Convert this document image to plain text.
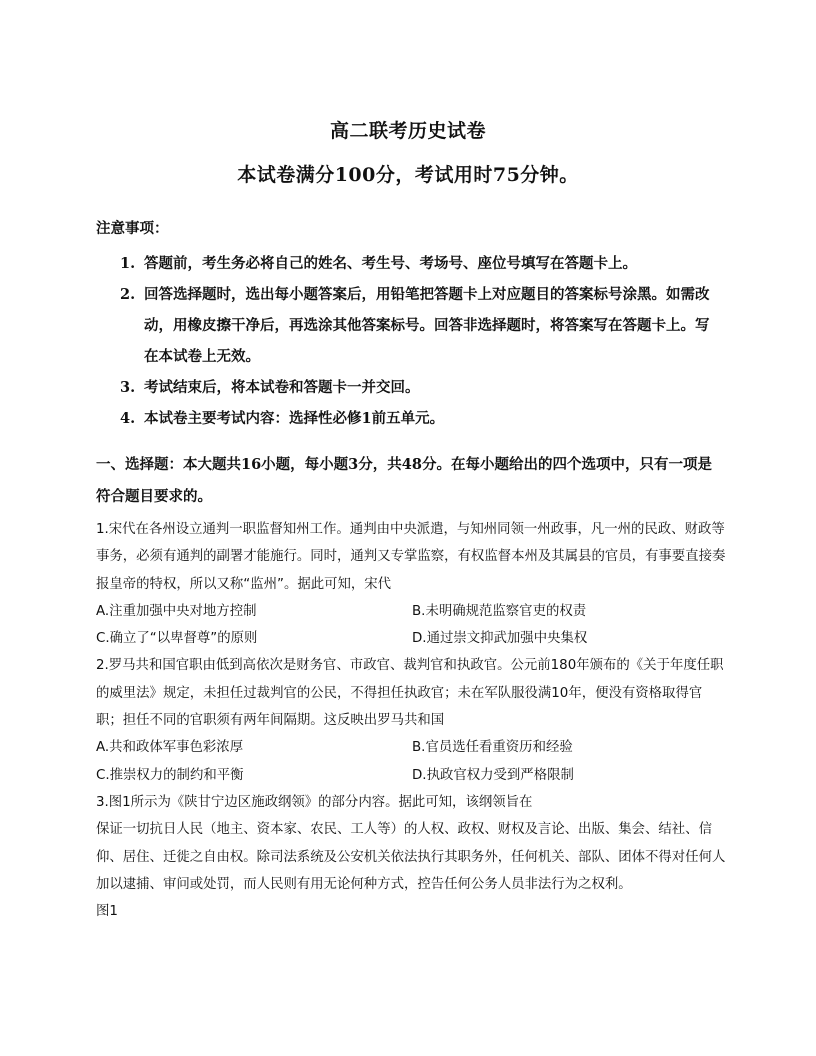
高二联考历史试卷
本试卷满分100分，考试用时75分钟。
注意事项：
1. 答题前，考生务必将自己的姓名、考生号、考场号、座位号填写在答题卡上。
2. 回答选择题时，选出每小题答案后，用铅笔把答题卡上对应题目的答案标号涂黑。如需改动，用橡皮擦干净后，再选涂其他答案标号。回答非选择题时，将答案写在答题卡上。写在本试卷上无效。
3. 考试结束后，将本试卷和答题卡一并交回。
4. 本试卷主要考试内容：选择性必修1前五单元。
一、选择题：本大题共16小题，每小题3分，共48分。在每小题给出的四个选项中，只有一项是符合题目要求的。

1.宋代在各州设立通判一职监督知州工作。通判由中央派遣，与知州同领一州政事，凡一州的民政、财政等事务，必须有通判的副署才能施行。同时，通判又专掌监察，有权监督本州及其属县的官员，有事要直接奏报皇帝的特权，所以又称“监州”。据此可知，宋代

A.注重加强中央对地方控制	B.未明确规范监察官吏的权责
C.确立了“以卑督尊”的原则	D.通过崇文抑武加强中央集权

2.罗马共和国官职由低到高依次是财务官、市政官、裁判官和执政官。公元前180年颁布的《关于年度任职的威里法》规定，未担任过裁判官的公民，不得担任执政官；未在军队服役满10年，便没有资格取得官职；担任不同的官职须有两年间隔期。这反映出罗马共和国

A.共和政体军事色彩浓厚	B.官员选任看重资历和经验
C.推崇权力的制约和平衡	D.执政官权力受到严格限制

3.图1所示为《陕甘宁边区施政纲领》的部分内容。据此可知，该纲领旨在

保证一切抗日人民（地主、资本家、农民、工人等）的人权、政权、财权及言论、出版、集会、结社、信仰、居住、迁徙之自由权。除司法系统及公安机关依法执行其职务外，任何机关、部队、团体不得对任何人加以逮捕、审问或处罚，而人民则有用无论何种方式，控告任何公务人员非法行为之权利。

图1
